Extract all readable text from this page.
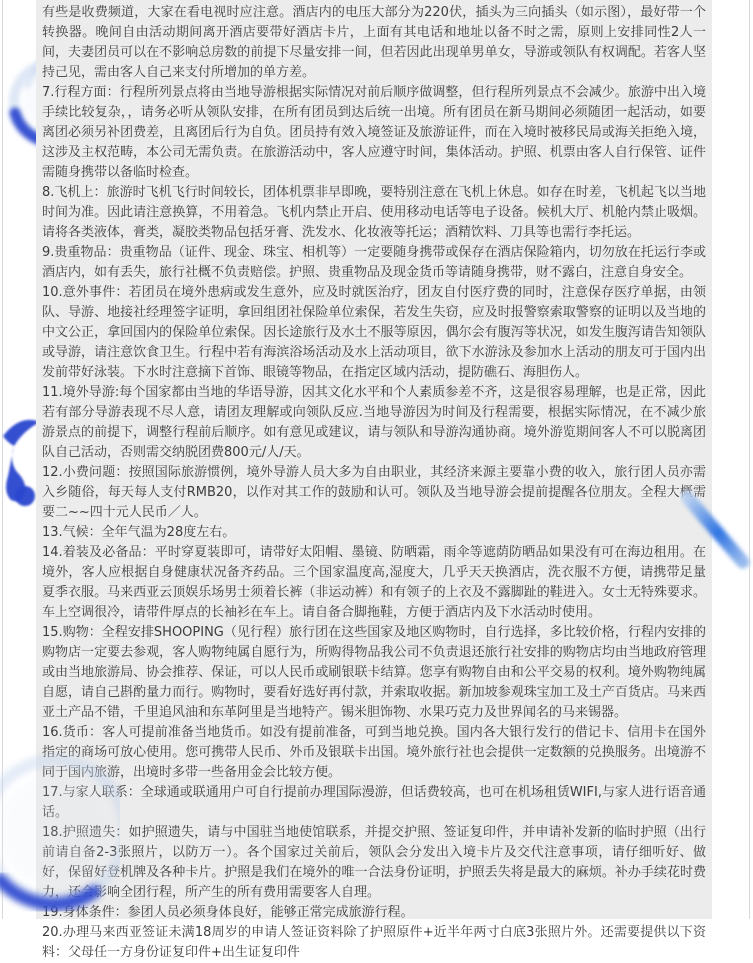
有些是收费频道，大家在看电视时应注意。酒店内的电压大部分为220伏，插头为三向插头（如示图），最好带一个转换器。晚间自由活动期间离开酒店要带好酒店卡片，上面有其电话和地址以备不时之需，原则上安排同性2人一间，夫妻团员可以在不影响总房数的前提下尽量安排一间，但若因此出现单男单女，导游或领队有权调配。若客人坚持己见，需由客人自己来支付所增加的单方差。

7.行程方面：行程所列景点将由当地导游根据实际情况对前后顺序做调整，但行程所列景点不会减少。旅游中出入境手续比较复杂，，请务必听从领队安排，在所有团员到达后统一出境。所有团员在新马期间必须随团一起活动，如要离团必须另补团费差，且离团后行为自负。团员持有效入境签证及旅游证件，而在入境时被移民局或海关拒绝入境，这涉及主权范畴，本公司无需负责。在旅游活动中，客人应遵守时间，集体活动。护照、机票由客人自行保管、证件需随身携带以备临时检查。

8.飞机上：旅游时飞机飞行时间较长，团体机票非早即晚，要特别注意在飞机上休息。如存在时差，飞机起飞以当地时间为准。因此请注意换算，不用着急。飞机内禁止开启、使用移动电话等电子设备。候机大厅、机舱内禁止吸烟。请将各类液体，膏类，凝胶类物品包括牙膏、洗发水、化妆液等托运；酒精饮料、刀具等也需行李托运。

9.贵重物品：贵重物品（证件、现金、珠宝、相机等）一定要随身携带或保存在酒店保险箱内，切勿放在托运行李或酒店内，如有丢失，旅行社概不负责赔偿。护照、贵重物品及现金货币等请随身携带，财不露白，注意自身安全。

10.意外事件：若团员在境外患病或发生意外，应及时就医治疗，团友自付医疗费的同时，注意保存医疗单据，由领队、导游、地接社经理签字证明，拿回组团社保险单位索保，若发生失窃，应及时报警察索取警察的证明以及当地的中文公正，拿回国内的保险单位索保。因长途旅行及水土不服等原因，偶尔会有腹泻等状况，如发生腹泻请告知领队或导游，请注意饮食卫生。行程中若有海滨浴场活动及水上活动项目，欲下水游泳及参加水上活动的朋友可于国内出发前带好泳装。下水时注意摘下首饰、眼镜等物品，在指定区域内活动，提防礁石、海胆伤人。

11.境外导游:每个国家都由当地的华语导游，因其文化水平和个人素质参差不齐，这是很容易理解，也是正常，因此若有部分导游表现不尽人意，请团友理解或向领队反应.当地导游因为时间及行程需要，根据实际情况，在不减少旅游景点的前提下，调整行程前后顺序。如有意见或建议，请与领队和导游沟通协商。境外游览期间客人不可以脱离团队自己活动，否则需交纳脱团费800元/人/天。

12.小费问题：按照国际旅游惯例，境外导游人员大多为自由职业，其经济来源主要靠小费的收入，旅行团人员亦需入乡随俗，每天每人支付RMB20，以作对其工作的鼓励和认可。领队及当地导游会提前提醒各位朋友。全程大概需要二~~四十元人民币／人。

13.气候：全年气温为28度左右。

14.着装及必备品：平时穿夏装即可，请带好太阳帽、墨镜、防晒霜，雨伞等遮荫防晒品如果没有可在海边租用。在境外，客人应根据自身健康状况备齐药品。三个国家温度高,湿度大，几乎天天换酒店，洗衣服不方便，请携带足量夏季衣服。马来西亚云顶娱乐场男士须着长裤（非运动裤）和有领子的上衣及不露脚趾的鞋进入。女士无特殊要求。车上空调很冷，请带件厚点的长袖衫在车上。请自备合脚拖鞋，方便于酒店内及下水活动时使用。

15.购物：全程安排SHOOPING（见行程）旅行团在这些国家及地区购物时，自行选择，多比较价格，行程内安排的购物店一定要去参观，客人购物纯属自愿行为，所购得物品我公司不负责退还旅行社安排的购物店均由当地政府管理或由当地旅游局、协会推荐、保证，可以人民币或刷银联卡结算。您享有购物自由和公平交易的权利。境外购物纯属自愿，请自己斟酌量力而行。购物时，要看好选好再付款，并索取收据。新加坡参观珠宝加工及土产百货店。马来西亚土产品不错，千里追风油和东革阿里是当地特产。锡米胆饰物、水果巧克力及世界闻名的马来锡器。

16.货币：客人可提前准备当地货币。如没有提前准备，可到当地兑换。国内各大银行发行的借记卡、信用卡在国外指定的商场可放心使用。您可携带人民币、外币及银联卡出国。境外旅行社也会提供一定数额的兑换服务。出境游不同于国内旅游，出境时多带一些备用金会比较方便。

17.与家人联系：全球通或联通用户可自行提前办理国际漫游，但话费较高，也可在机场租赁WIFI,与家人进行语音通话。

18.护照遗失：如护照遗失，请与中国驻当地使馆联系，并提交护照、签证复印件，并申请补发新的临时护照（出行前请自备2-3张照片，以防万一）。各个国家过关前后，领队会分发出入境卡片及交代注意事项，请仔细听好、做好，保留好登机牌及各种卡片。护照是我们在境外的唯一合法身份证明，护照丢失将是最大的麻烦。补办手续花时费力，还会影响全团行程，所产生的所有费用需要客人自理。

19.身体条件：参团人员必须身体良好，能够正常完成旅游行程。

20.办理马来西亚签证未满18周岁的申请人签证资料除了护照原件+近半年两寸白底3张照片外。还需要提供以下资料：父母任一方身份证复印件+出生证复印件
